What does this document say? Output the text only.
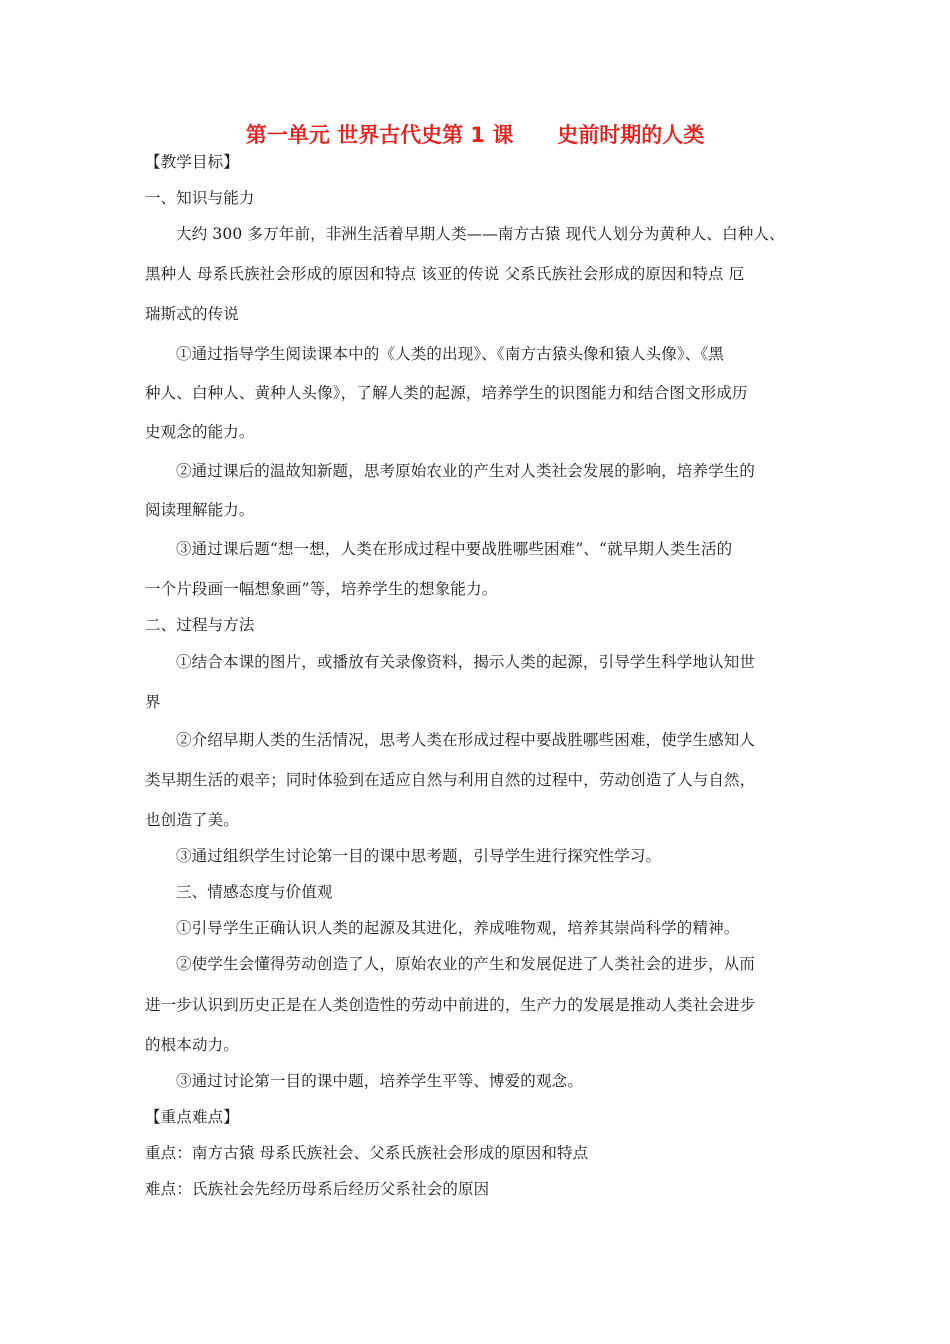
第一单元 世界古代史第 1 课      史前时期的人类
【教学目标】
一、知识与能力
大约 300 多万年前，非洲生活着早期人类——南方古猿 现代人划分为黄种人、白种人、
黑种人 母系氏族社会形成的原因和特点 该亚的传说 父系氏族社会形成的原因和特点 厄
瑞斯忒的传说
①通过指导学生阅读课本中的《人类的出现》、《南方古猿头像和猿人头像》、《黑
种人、白种人、黄种人头像》，了解人类的起源，培养学生的识图能力和结合图文形成历
史观念的能力。
②通过课后的温故知新题，思考原始农业的产生对人类社会发展的影响，培养学生的
阅读理解能力。
③通过课后题“想一想，人类在形成过程中要战胜哪些困难”、“就早期人类生活的
一个片段画一幅想象画”等，培养学生的想象能力。
二、过程与方法
①结合本课的图片，或播放有关录像资料，揭示人类的起源，引导学生科学地认知世
界
②介绍早期人类的生活情况，思考人类在形成过程中要战胜哪些困难，使学生感知人
类早期生活的艰辛；同时体验到在适应自然与利用自然的过程中，劳动创造了人与自然，
也创造了美。
③通过组织学生讨论第一目的课中思考题，引导学生进行探究性学习。
三、情感态度与价值观
①引导学生正确认识人类的起源及其进化，养成唯物观，培养其崇尚科学的精神。
②使学生会懂得劳动创造了人，原始农业的产生和发展促进了人类社会的进步，从而
进一步认识到历史正是在人类创造性的劳动中前进的，生产力的发展是推动人类社会进步
的根本动力。
③通过讨论第一目的课中题，培养学生平等、博爱的观念。
【重点难点】
重点：南方古猿 母系氏族社会、父系氏族社会形成的原因和特点
难点：氏族社会先经历母系后经历父系社会的原因
